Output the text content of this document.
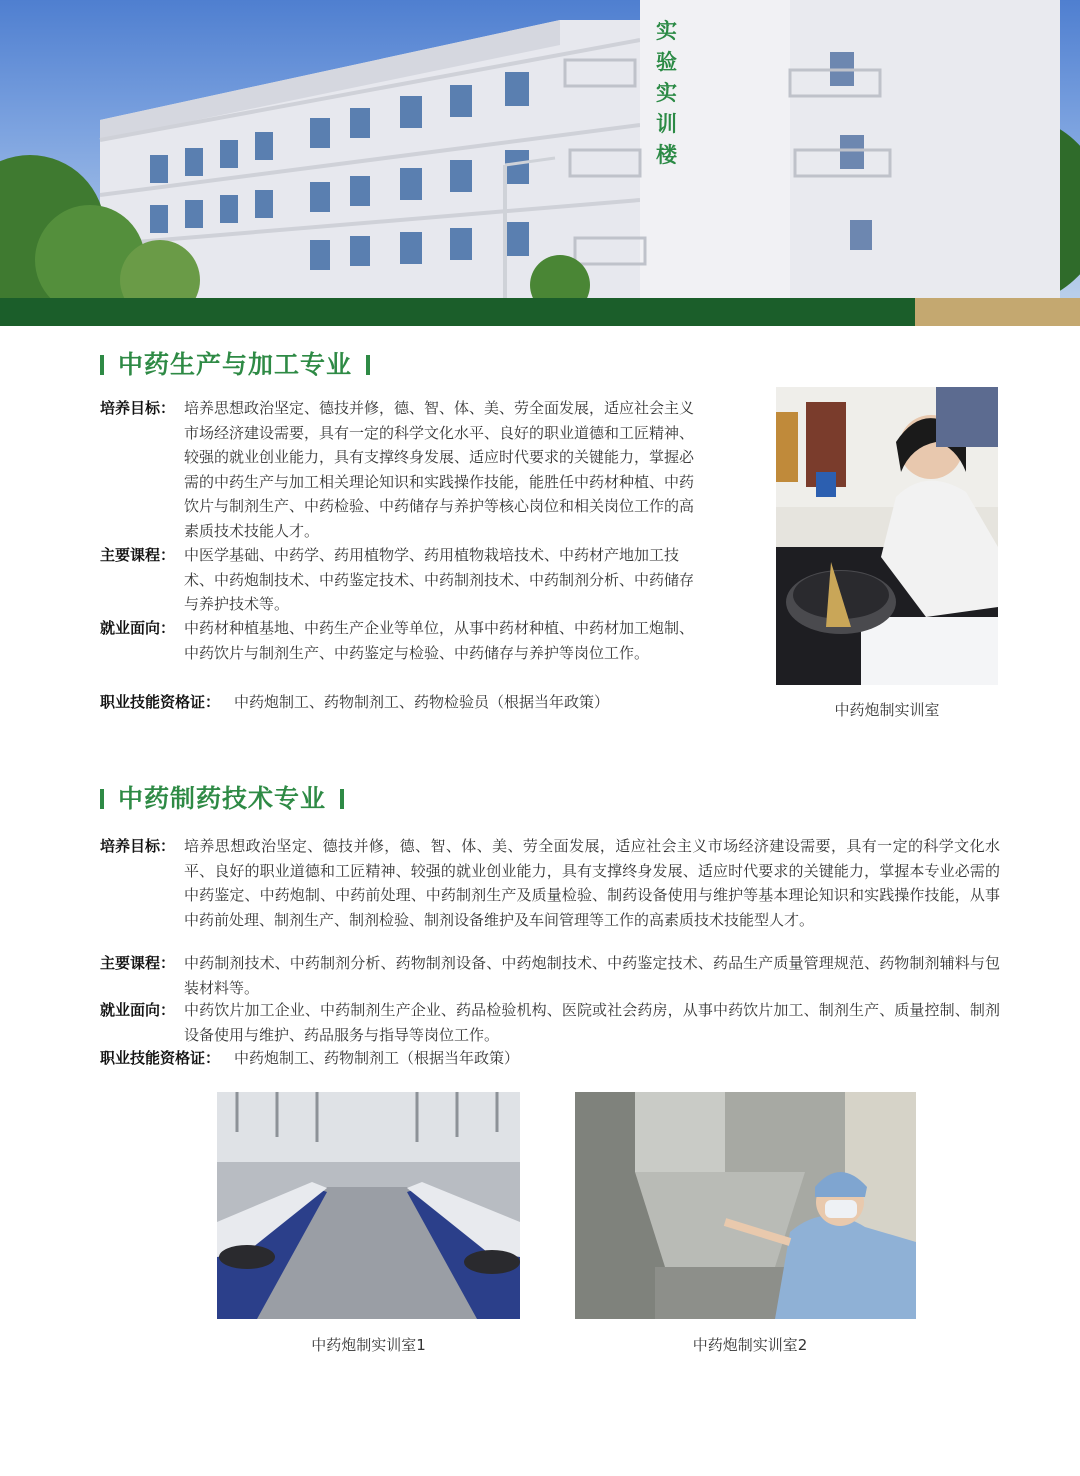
实验实训楼
中药生产与加工专业
培养目标： 培养思想政治坚定、德技并修，德、智、体、美、劳全面发展，适应社会主义市场经济建设需要，具有一定的科学文化水平、良好的职业道德和工匠精神、较强的就业创业能力，具有支撑终身发展、适应时代要求的关键能力，掌握必需的中药生产与加工相关理论知识和实践操作技能，能胜任中药材种植、中药饮片与制剂生产、中药检验、中药储存与养护等核心岗位和相关岗位工作的高素质技术技能人才。
主要课程： 中医学基础、中药学、药用植物学、药用植物栽培技术、中药材产地加工技术、中药炮制技术、中药鉴定技术、中药制剂技术、中药制剂分析、中药储存与养护技术等。
就业面向： 中药材种植基地、中药生产企业等单位，从事中药材种植、中药材加工炮制、中药饮片与制剂生产、中药鉴定与检验、中药储存与养护等岗位工作。
职业技能资格证： 中药炮制工、药物制剂工、药物检验员（根据当年政策）	中药炮制实训室
中药制药技术专业
培养目标： 培养思想政治坚定、德技并修，德、智、体、美、劳全面发展，适应社会主义市场经济建设需要，具有一定的科学文化水平、良好的职业道德和工匠精神、较强的就业创业能力，具有支撑终身发展、适应时代要求的关键能力，掌握本专业必需的中药鉴定、中药炮制、中药前处理、中药制剂生产及质量检验、制药设备使用与维护等基本理论知识和实践操作技能，从事中药前处理、制剂生产、制剂检验、制剂设备维护及车间管理等工作的高素质技术技能型人才。
主要课程： 中药制剂技术、中药制剂分析、药物制剂设备、中药炮制技术、中药鉴定技术、药品生产质量管理规范、药物制剂辅料与包装材料等。
就业面向： 中药饮片加工企业、中药制剂生产企业、药品检验机构、医院或社会药房，从事中药饮片加工、制剂生产、质量控制、制剂设备使用与维护、药品服务与指导等岗位工作。
职业技能资格证： 中药炮制工、药物制剂工（根据当年政策）
中药炮制实训室1	中药炮制实训室2
